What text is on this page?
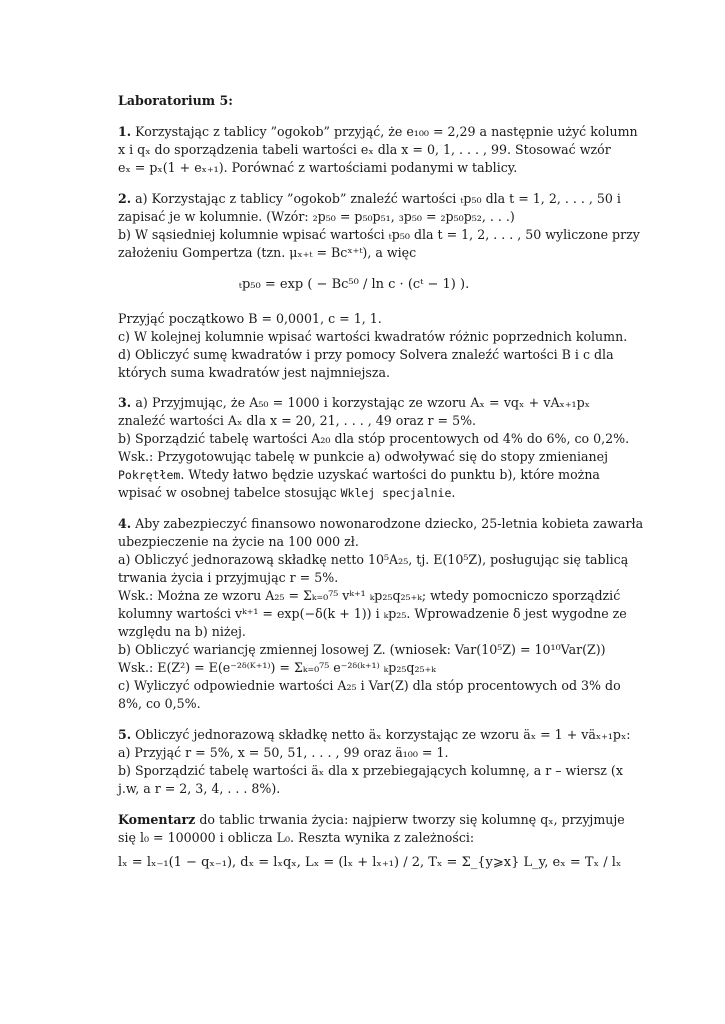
Laboratorium 5:
1. Korzystając z tablicy ”ogokob” przyjąć, że e₁₀₀ = 2,29 a następnie użyć kolumn
x i qₓ do sporządzenia tabeli wartości eₓ dla x = 0, 1, . . . , 99. Stosować wzór
eₓ = pₓ(1 + eₓ₊₁). Porównać z wartościami podanymi w tablicy.
2. a) Korzystając z tablicy ”ogokob” znaleźć wartości ₜp₅₀ dla t = 1, 2, . . . , 50 i
zapisać je w kolumnie. (Wzór: ₂p₅₀ = p₅₀p₅₁, ₃p₅₀ = ₂p₅₀p₅₂, . . .)
b) W sąsiedniej kolumnie wpisać wartości ₜp₅₀ dla t = 1, 2, . . . , 50 wyliczone przy
założeniu Gompertza (tzn. μₓ₊ₜ = Bcˣ⁺ᵗ), a więc
ₜp₅₀ = exp ( − Bc⁵⁰ / ln c · (cᵗ − 1) ).
Przyjąć początkowo B = 0,0001, c = 1, 1.
c) W kolejnej kolumnie wpisać wartości kwadratów różnic poprzednich kolumn.
d) Obliczyć sumę kwadratów i przy pomocy Solvera znaleźć wartości B i c dla
których suma kwadratów jest najmniejsza.
3. a) Przyjmując, że A₅₀ = 1000 i korzystając ze wzoru Aₓ = vqₓ + vAₓ₊₁pₓ
znaleźć wartości Aₓ dla x = 20, 21, . . . , 49 oraz r = 5%.
b) Sporządzić tabelę wartości A₂₀ dla stóp procentowych od 4% do 6%, co 0,2%.
Wsk.: Przygotowując tabelę w punkcie a) odwoływać się do stopy zmienianej
Pokrętłem. Wtedy łatwo będzie uzyskać wartości do punktu b), które można
wpisać w osobnej tabelce stosując Wklej specjalnie.
4. Aby zabezpieczyć finansowo nowonarodzone dziecko, 25-letnia kobieta zawarła
ubezpieczenie na życie na 100 000 zł.
a) Obliczyć jednorazową składkę netto 10⁵A₂₅, tj. E(10⁵Z), posługując się tablicą
trwania życia i przyjmując r = 5%.
Wsk.: Można ze wzoru A₂₅ = Σₖ₌₀⁷⁵ vᵏ⁺¹ ₖp₂₅q₂₅₊ₖ; wtedy pomocniczo sporządzić
kolumny wartości vᵏ⁺¹ = exp(−δ(k + 1)) i ₖp₂₅. Wprowadzenie δ jest wygodne ze
względu na b) niżej.
b) Obliczyć wariancję zmiennej losowej Z. (wniosek: Var(10⁵Z) = 10¹⁰Var(Z))
Wsk.: E(Z²) = E(e⁻²ᵟ⁽ᴷ⁺¹⁾) = Σₖ₌₀⁷⁵ e⁻²ᵟ⁽ᵏ⁺¹⁾ ₖp₂₅q₂₅₊ₖ
c) Wyliczyć odpowiednie wartości A₂₅ i Var(Z) dla stóp procentowych od 3% do
8%, co 0,5%.
5. Obliczyć jednorazową składkę netto äₓ korzystając ze wzoru äₓ = 1 + väₓ₊₁pₓ:
a) Przyjąć r = 5%, x = 50, 51, . . . , 99 oraz ä₁₀₀ = 1.
b) Sporządzić tabelę wartości äₓ dla x przebiegających kolumnę, a r – wiersz (x
j.w, a r = 2, 3, 4, . . . 8%).
Komentarz do tablic trwania życia: najpierw tworzy się kolumnę qₓ, przyjmuje
się l₀ = 100000 i oblicza L₀. Reszta wynika z zależności:
lₓ = lₓ₋₁(1 − qₓ₋₁), dₓ = lₓqₓ, Lₓ = (lₓ + lₓ₊₁) / 2, Tₓ = Σ_{y⩾x} L_y, eₓ = Tₓ / lₓ
